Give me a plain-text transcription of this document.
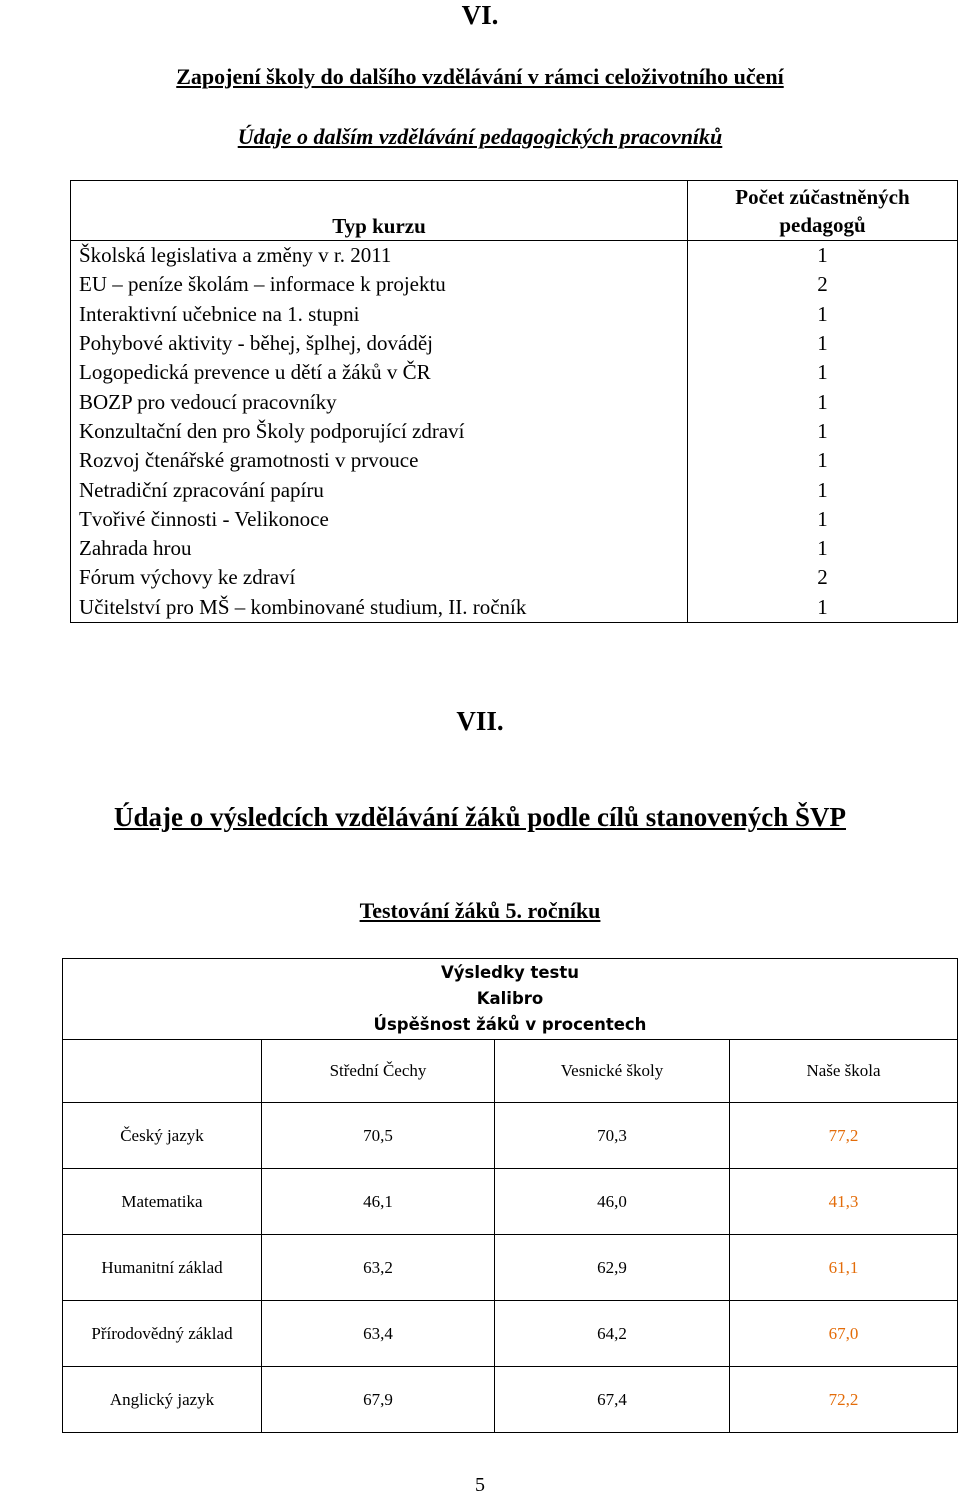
VI.
Zapojení školy do dalšího vzdělávání v rámci celoživotního učení
Údaje o dalším vzdělávání pedagogických pracovníků
Typ kurzu	Počet zúčastněných
pedagogů

Školská legislativa a změny v r. 2011	1
EU – peníze školám – informace k projektu	2
Interaktivní učebnice na 1. stupni	1
Pohybové aktivity - běhej, šplhej, dováděj	1
Logopedická prevence u dětí a žáků v ČR	1
BOZP pro vedoucí pracovníky	1
Konzultační den pro Školy podporující zdraví	1
Rozvoj čtenářské gramotnosti v prvouce	1
Netradiční zpracování papíru	1
Tvořivé činnosti - Velikonoce	1
Zahrada hrou	1
Fórum výchovy ke zdraví	2
Učitelství pro MŠ – kombinované studium, II. ročník	1
VII.
Údaje o výsledcích vzdělávání žáků podle cílů stanovených ŠVP
Testování žáků 5. ročníku
Výsledky testu
Kalibro
Úspěšnost žáků v procentech			

	Střední Čechy	Vesnické školy	Naše škola
Český jazyk	70,5	70,3	77,2
Matematika	46,1	46,0	41,3
Humanitní základ	63,2	62,9	61,1
Přírodovědný základ	63,4	64,2	67,0
Anglický jazyk	67,9	67,4	72,2
5
